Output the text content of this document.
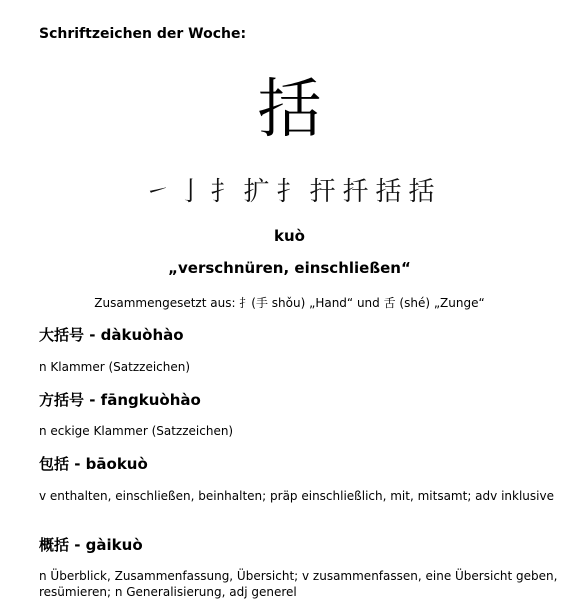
Schriftzeichen der Woche:
括
㇀ 亅 扌 扩 扌 扞 扦 括 括
kuò
„verschnüren, einschließen“
Zusammengesetzt aus: 扌(手 shǒu) „Hand“ und 舌 (shé) „Zunge“
大括号 - dàkuòhào
n Klammer (Satzzeichen)
方括号 - fāngkuòhào
n eckige Klammer (Satzzeichen)
包括 - bāokuò
v enthalten, einschließen, beinhalten; präp einschließlich, mit, mitsamt; adv inklusive
概括 - gàikuò
n Überblick, Zusammenfassung, Übersicht; v zusammenfassen, eine Übersicht geben, resümieren; n Generalisierung, adj generel
